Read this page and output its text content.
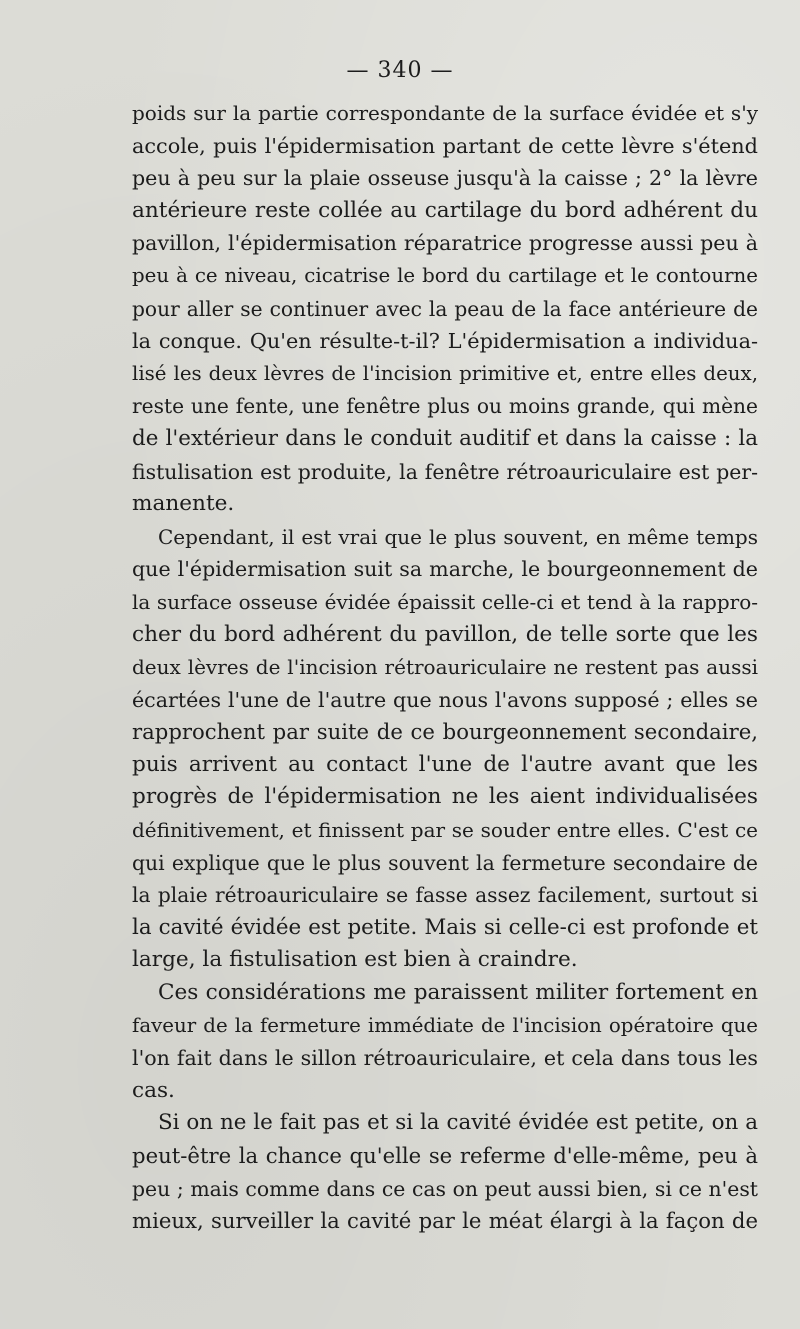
— 340 —
poids sur la partie correspondante de la surface évidée et s'y
accole, puis l'épidermisation partant de cette lèvre s'étend
peu à peu sur la plaie osseuse jusqu'à la caisse ; 2° la lèvre
antérieure reste collée au cartilage du bord adhérent du
pavillon, l'épidermisation réparatrice progresse aussi peu à
peu à ce niveau, cicatrise le bord du cartilage et le contourne
pour aller se continuer avec la peau de la face antérieure de
la conque. Qu'en résulte-t-il? L'épidermisation a individua-
lisé les deux lèvres de l'incision primitive et, entre elles deux,
reste une fente, une fenêtre plus ou moins grande, qui mène
de l'extérieur dans le conduit auditif et dans la caisse : la
fistulisation est produite, la fenêtre rétroauriculaire est per-
manente.
Cependant, il est vrai que le plus souvent, en même temps
que l'épidermisation suit sa marche, le bourgeonnement de
la surface osseuse évidée épaissit celle-ci et tend à la rappro-
cher du bord adhérent du pavillon, de telle sorte que les
deux lèvres de l'incision rétroauriculaire ne restent pas aussi
écartées l'une de l'autre que nous l'avons supposé ; elles se
rapprochent par suite de ce bourgeonnement secondaire,
puis arrivent au contact l'une de l'autre avant que les
progrès de l'épidermisation ne les aient individualisées
définitivement, et finissent par se souder entre elles. C'est ce
qui explique que le plus souvent la fermeture secondaire de
la plaie rétroauriculaire se fasse assez facilement, surtout si
la cavité évidée est petite. Mais si celle-ci est profonde et
large, la fistulisation est bien à craindre.
Ces considérations me paraissent militer fortement en
faveur de la fermeture immédiate de l'incision opératoire que
l'on fait dans le sillon rétroauriculaire, et cela dans tous les
cas.
Si on ne le fait pas et si la cavité évidée est petite, on a
peut-être la chance qu'elle se referme d'elle-même, peu à
peu ; mais comme dans ce cas on peut aussi bien, si ce n'est
mieux, surveiller la cavité par le méat élargi à la façon de
